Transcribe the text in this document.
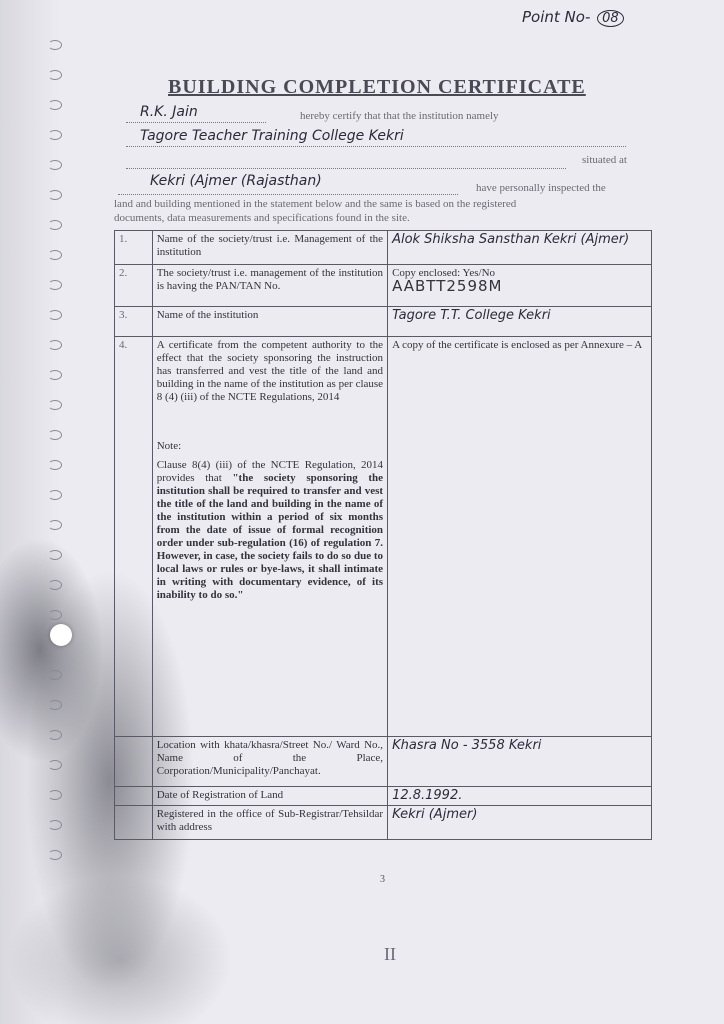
Point No- 08
BUILDING COMPLETION CERTIFICATE
R.K. Jain	hereby certify that that the institution namely
Tagore Teacher Training College Kekri
situated at
Kekri (Ajmer (Rajasthan)	have personally inspected the
land and building mentioned in the statement below and the same is based on the registered
documents, data measurements and specifications found in the site.
1.	Name of the society/trust i.e. Management of the institution	Alok Shiksha Sansthan Kekri (Ajmer)
2.	The society/trust i.e. management of the institution is having the PAN/TAN No.	Copy enclosed: Yes/No
AABTT2598M

3.	Name of the institution	Tagore T.T. College Kekri
4.	A certificate from the competent authority to the effect that the society sponsoring the instruction has transferred and vest the title of the land and building in the name of the institution as per clause 8 (4) (iii) of the NCTE Regulations, 2014
Note:
Clause 8(4) (iii) of the NCTE Regulation, 2014 provides that "the society sponsoring the institution shall be required to transfer and vest the title of the land and building in the name of the institution within a period of six months from the date of issue of formal recognition order under sub-regulation (16) of regulation 7. However, in case, the society fails to do so due to local laws or rules or bye-laws, it shall intimate in writing with documentary evidence, of its inability to do so."	A copy of the certificate is enclosed as per Annexure – A
	Location with khata/khasra/Street No./ Ward No., Name of the Place, Corporation/Municipality/Panchayat.	Khasra No - 3558 Kekri
	Date of Registration of Land	12.8.1992.
	Registered in the office of Sub-Registrar/Tehsildar with address	Kekri (Ajmer)
3
II
